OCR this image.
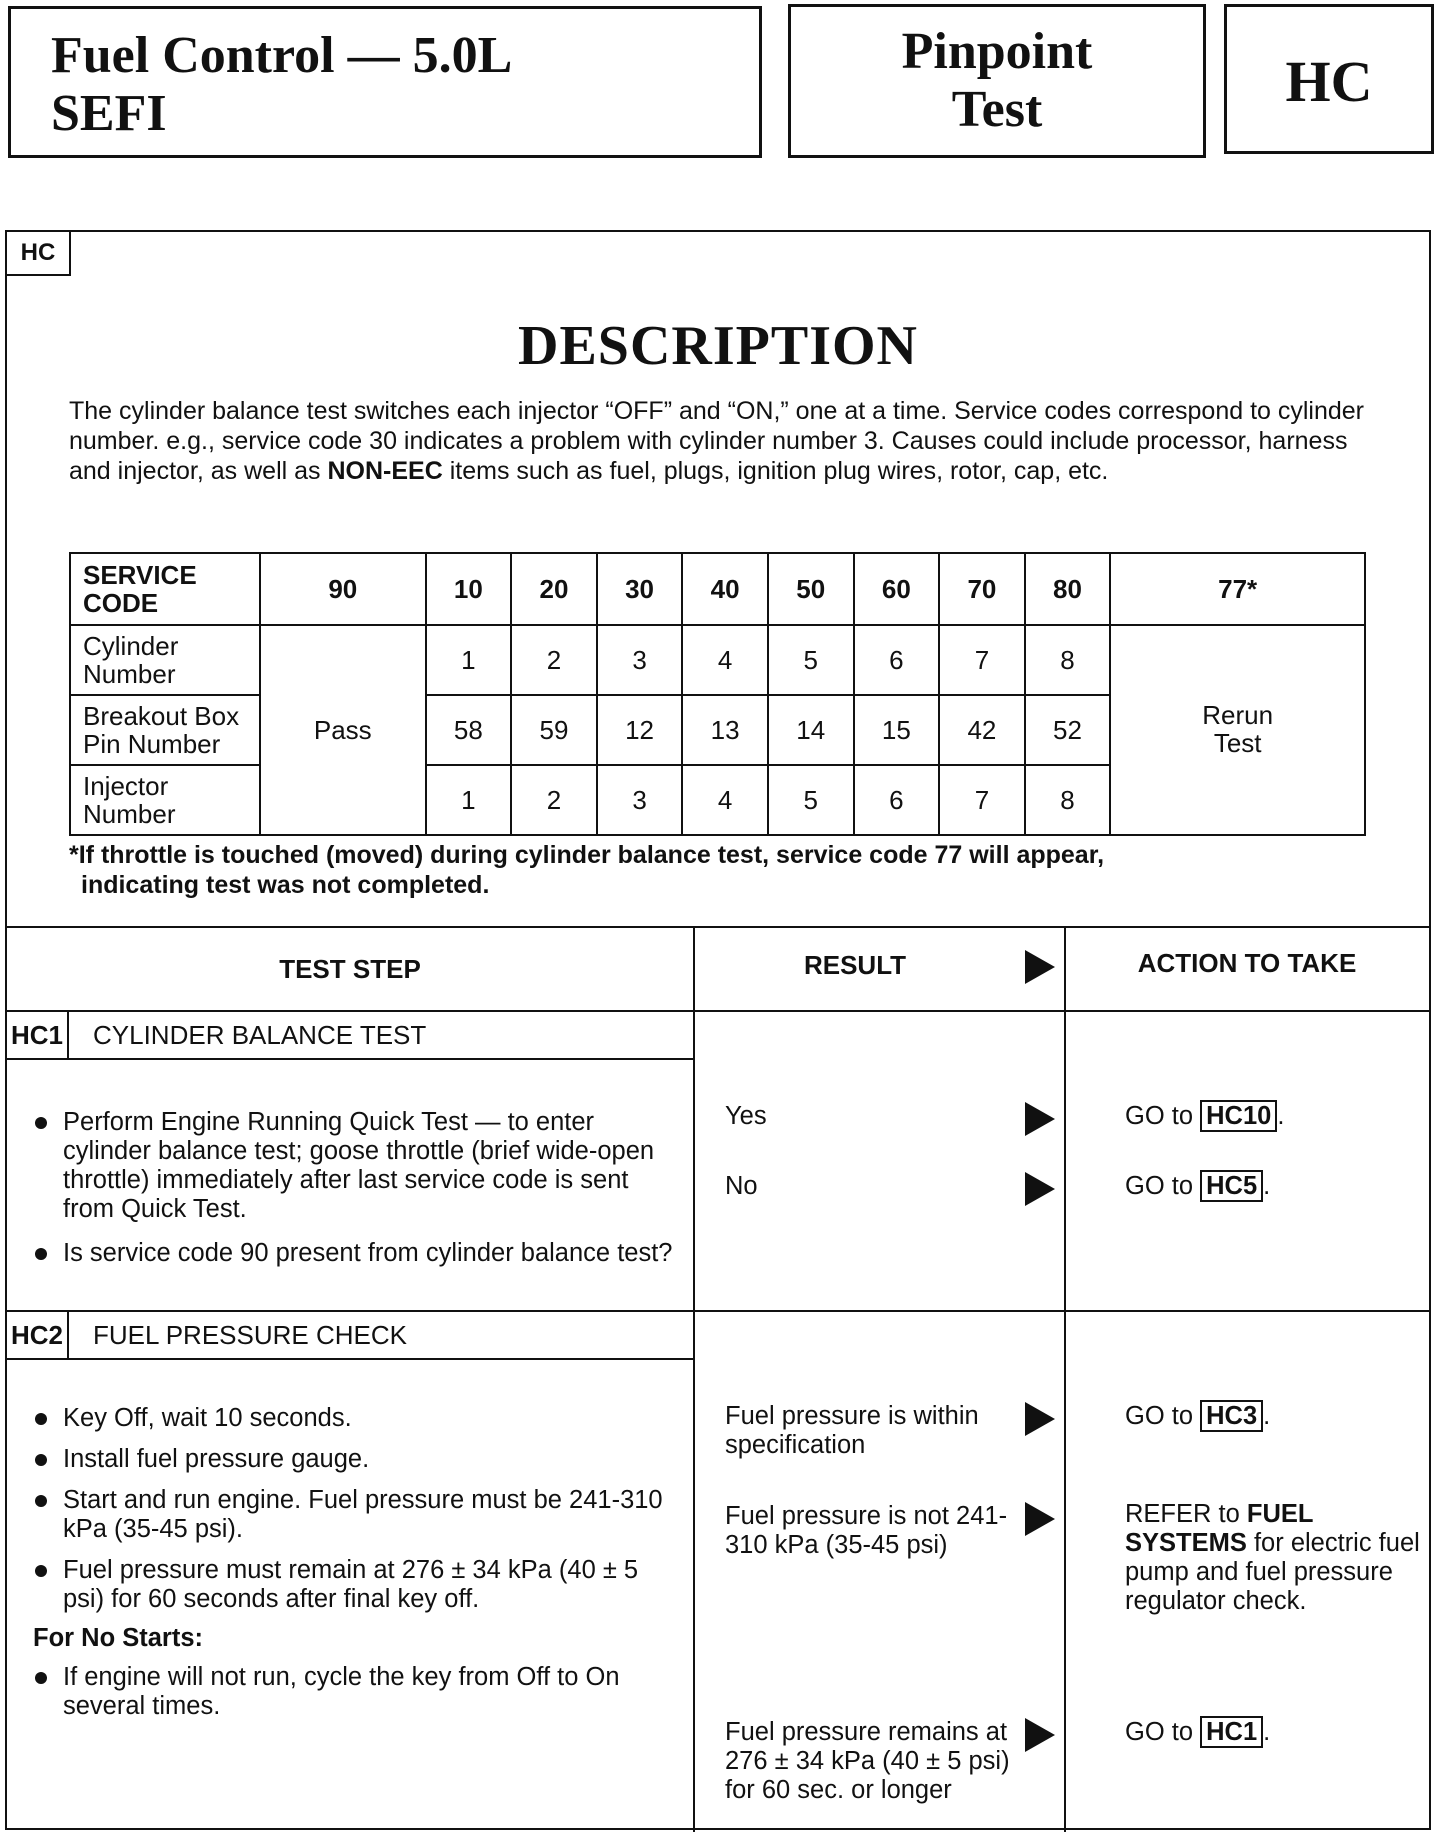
Fuel Control — 5.0L
SEFI
Pinpoint
Test	HC
HC
DESCRIPTION
The cylinder balance test switches each injector “OFF” and “ON,” one at a time. Service codes correspond to cylinder number. e.g., service code 30 indicates a problem with cylinder number 3. Causes could include processor, harness and injector, as well as NON-EEC items such as fuel, plugs, ignition plug wires, rotor, cap, etc.
SERVICE CODE	90	10	20	30	40	50	60	70	80	77*
Cylinder Number	Pass	1	2	3	4	5	6	7	8	Rerun Test
Breakout Box Pin Number		58	59	12	13	14	15	42	52	
Injector Number		1	2	3	4	5	6	7	8	
*If throttle is touched (moved) during cylinder balance test, service code 77 will appear,
indicating test was not completed.
TEST STEP	RESULT	ACTION TO TAKE
HC1 CYLINDER BALANCE TEST
Perform Engine Running Quick Test — to enter cylinder balance test; goose throttle (brief wide-open throttle) immediately after last service code is sent from Quick Test.
Is service code 90 present from cylinder balance test?
Yes	GO to HC10 .
No	GO to HC5 .
HC2 FUEL PRESSURE CHECK
Key Off, wait 10 seconds.
Install fuel pressure gauge.
Start and run engine. Fuel pressure must be 241-310 kPa (35-45 psi).
Fuel pressure must remain at 276 ± 34 kPa (40 ± 5 psi) for 60 seconds after final key off.
For No Starts:
If engine will not run, cycle the key from Off to On several times.
Fuel pressure is within specification
GO to HC3 .
Fuel pressure is not 241-310 kPa (35-45 psi)
REFER to FUEL SYSTEMS for electric fuel pump and fuel pressure regulator check.
Fuel pressure remains at 276 ± 34 kPa (40 ± 5 psi) for 60 sec. or longer
GO to HC1 .
